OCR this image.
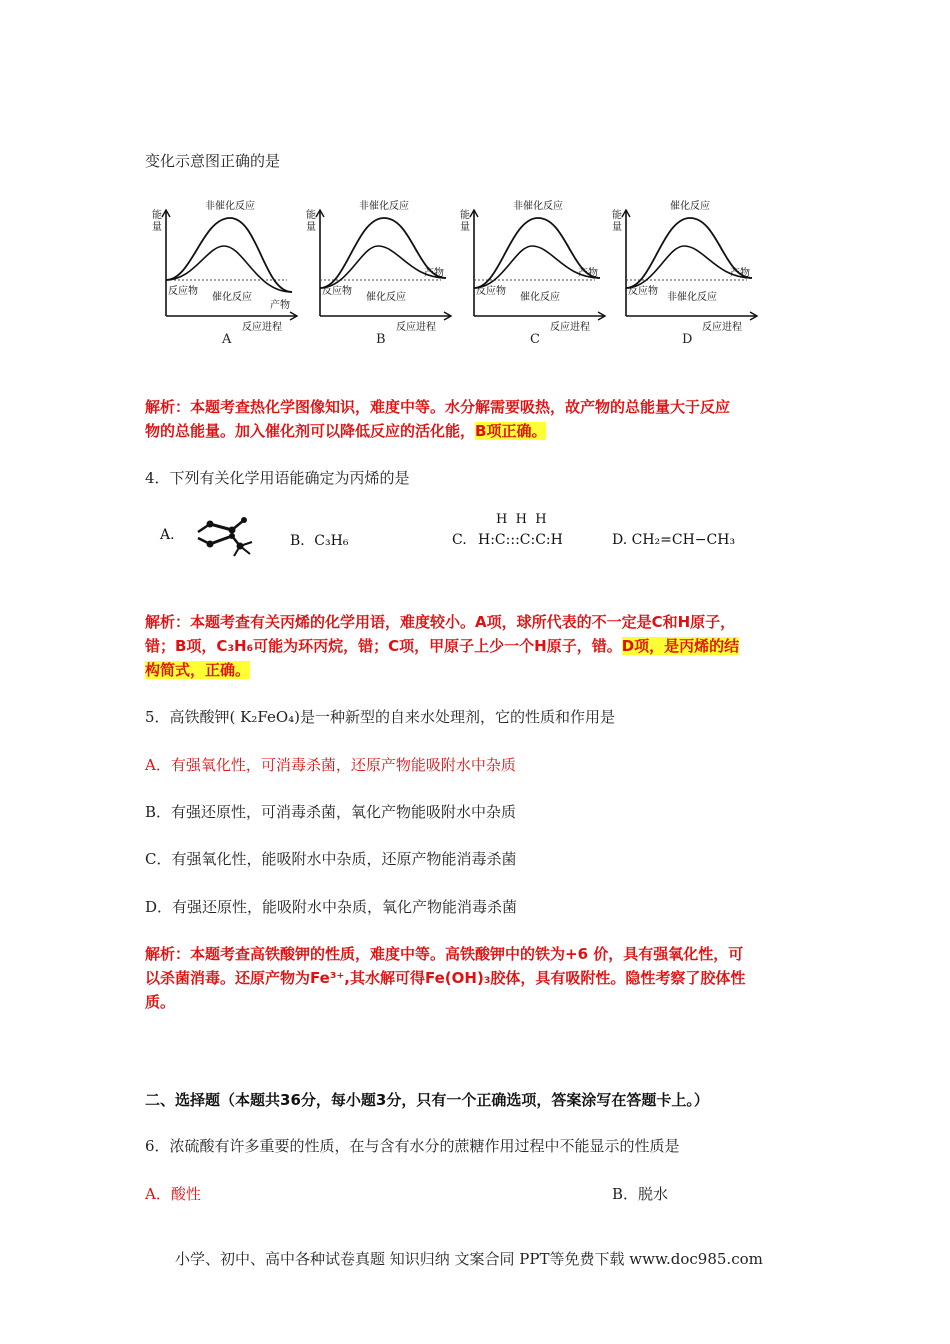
变化示意图正确的是
非催化反应
催化反应
反应物
产物
能量
反应进程
A
非催化反应
催化反应
反应物
产物
能量
反应进程
B
非催化反应
催化反应
反应物
产物
能量
反应进程
C
催化反应
非催化反应
反应物
产物
能量
反应进程
D
解析：本题考查热化学图像知识，难度中等。水分解需要吸热，故产物的总能量大于反应
物的总能量。加入催化剂可以降低反应的活化能，B项正确。
4．下列有关化学用语能确定为丙烯的是
A.	B．C₃H₆	C.
H  H  H
H:C:::C:C:H	D. CH₂=CH−CH₃
解析：本题考查有关丙烯的化学用语，难度较小。A项，球所代表的不一定是C和H原子，
错；B项，C₃H₆可能为环丙烷，错；C项，甲原子上少一个H原子，错。D项，是丙烯的结
构简式，正确。
5．高铁酸钾( K₂FeO₄)是一种新型的自来水处理剂，它的性质和作用是
A．有强氧化性，可消毒杀菌，还原产物能吸附水中杂质
B．有强还原性，可消毒杀菌，氧化产物能吸附水中杂质
C．有强氧化性，能吸附水中杂质，还原产物能消毒杀菌
D．有强还原性，能吸附水中杂质，氧化产物能消毒杀菌
解析：本题考查高铁酸钾的性质，难度中等。高铁酸钾中的铁为+6 价，具有强氧化性，可
以杀菌消毒。还原产物为Fe³⁺,其水解可得Fe(OH)₃胶体，具有吸附性。隐性考察了胶体性
质。
二、选择题（本题共36分，每小题3分，只有一个正确选项，答案涂写在答题卡上。）
6．浓硫酸有许多重要的性质，在与含有水分的蔗糖作用过程中不能显示的性质是
A．酸性	B．脱水
小学、初中、高中各种试卷真题 知识归纳 文案合同 PPT等免费下载 www.doc985.com
